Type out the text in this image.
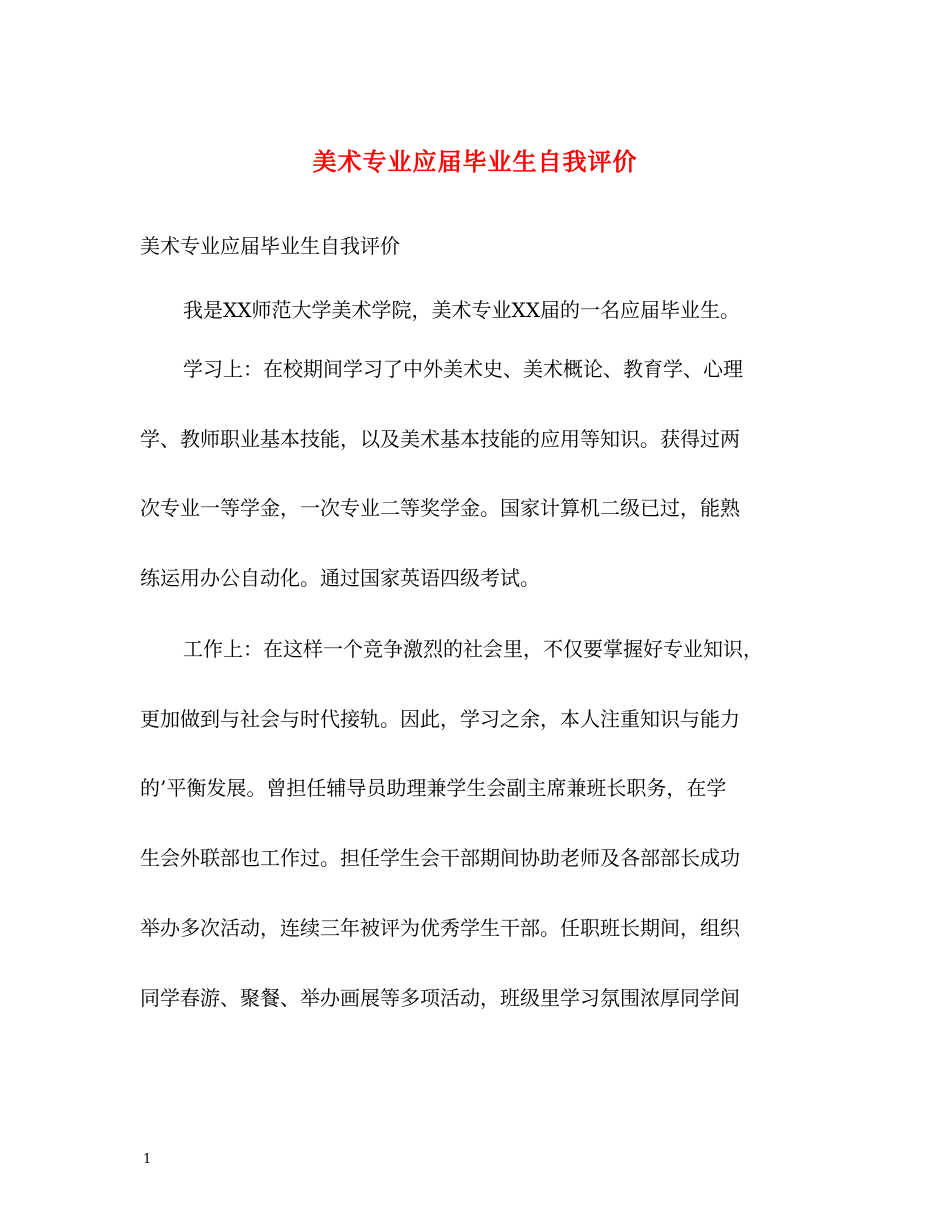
美术专业应届毕业生自我评价
美术专业应届毕业生自我评价
我是XX师范大学美术学院，美术专业XX届的一名应届毕业生。
学习上：在校期间学习了中外美术史、美术概论、教育学、心理
学、教师职业基本技能，以及美术基本技能的应用等知识。获得过两
次专业一等学金，一次专业二等奖学金。国家计算机二级已过，能熟
练运用办公自动化。通过国家英语四级考试。
工作上：在这样一个竞争激烈的社会里，不仅要掌握好专业知识，
更加做到与社会与时代接轨。因此，学习之余，本人注重知识与能力
的’平衡发展。曾担任辅导员助理兼学生会副主席兼班长职务，在学
生会外联部也工作过。担任学生会干部期间协助老师及各部部长成功
举办多次活动，连续三年被评为优秀学生干部。任职班长期间，组织
同学春游、聚餐、举办画展等多项活动，班级里学习氛围浓厚同学间
1
